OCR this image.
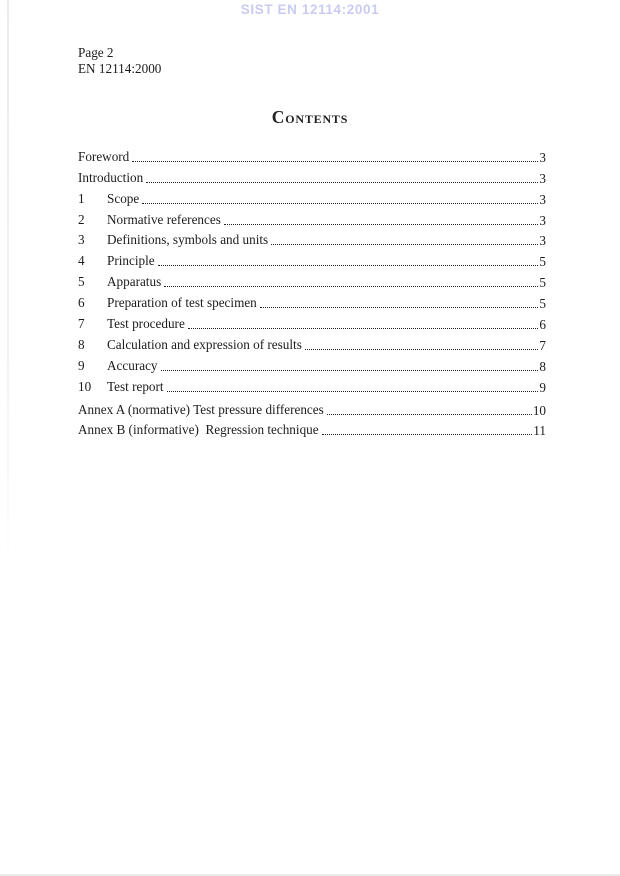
SIST EN 12114:2001
Page 2
EN 12114:2000
Contents
Foreword	3
Introduction	3
1	Scope	3
2	Normative references	3
3	Definitions, symbols and units	3
4	Principle	5
5	Apparatus	5
6	Preparation of test specimen	5
7	Test procedure	6
8	Calculation and expression of results	7
9	Accuracy	8
10	Test report	9
Annex A (normative) Test pressure differences	10
Annex B (informative)  Regression technique	11
